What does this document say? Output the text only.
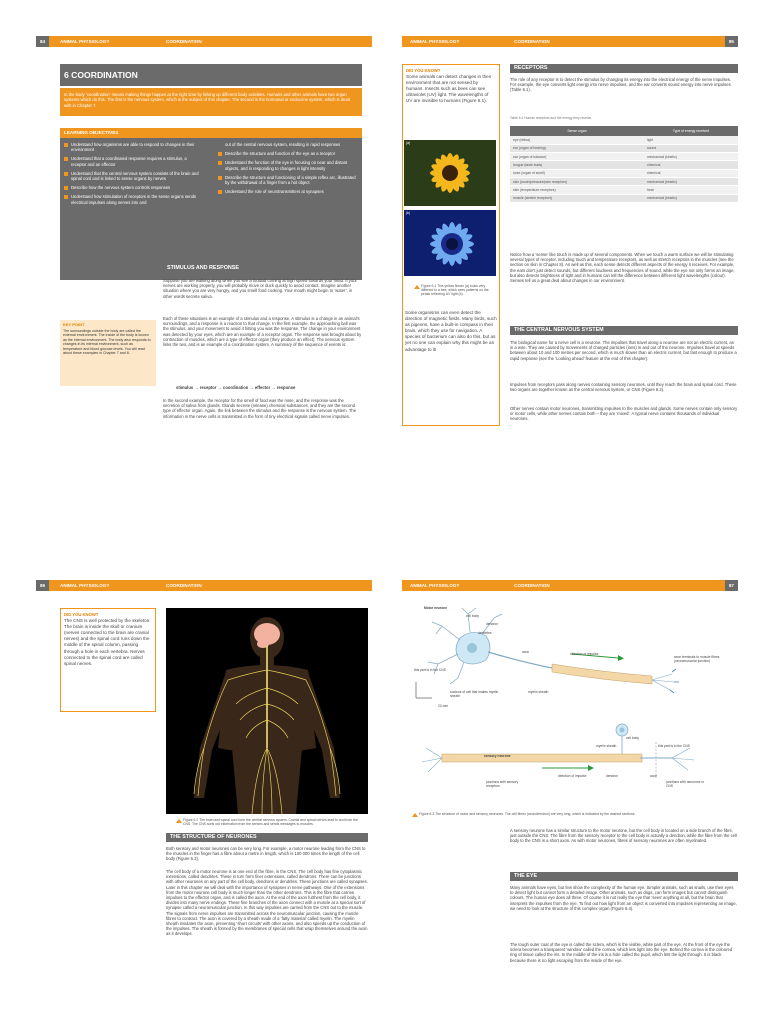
84	ANIMAL PHYSIOLOGY	COORDINATION
6 COORDINATION
In the body ‘coordination’ means making things happen at the right time by linking up different body activities. Humans and other animals have two organ systems which do this. The first is the nervous system, which is the subject of this chapter. The second is the hormonal or endocrine system, which is dealt with in Chapter 7.
LEARNING OBJECTIVES
Understand how organisms are able to respond to changes in their environment
Understand that a coordinated response requires a stimulus, a receptor and an effector
Understand that the central nervous system consists of the brain and spinal cord and is linked to sense organs by nerves
Describe how the nervous system controls responses
Understand how stimulation of receptors in the sense organs sends electrical impulses along nerves into and
out of the central nervous system, resulting in rapid responses
Describe the structure and function of the eye as a receptor
Understand the function of the eye in focusing on near and distant objects, and in responding to changes in light intensity
Describe the structure and functioning of a simple reflex arc, illustrated by the withdrawal of a finger from a hot object
Understand the role of neurotransmitters at synapses
STIMULUS AND RESPONSE
Suppose you are walking along when you see a football coming at high speed towards your head. If your nerves are working properly, you will probably move or duck quickly to avoid contact. Imagine another situation where you are very hungry, and you smell food cooking. Your mouth might begin to ‘water’, in other words secrete saliva.
KEY POINT
The surroundings outside the body are called the external environment. The inside of the body is known as the internal environment. The body also responds to changes in its internal environment, such as temperature and blood glucose levels. You will read about these examples in Chapter 7 and 8.
Each of these situations is an example of a stimulus and a response. A stimulus is a change in an animal’s surroundings, and a response is a reaction to that change. In the first example, the approaching ball was the stimulus, and your movement to avoid it hitting you was the response. The change in your environment was detected by your eyes, which are an example of a receptor organ. The response was brought about by contraction of muscles, which are a type of effector organ (they produce an effect). The nervous system links the two, and is an example of a coordination system. A summary of the sequence of events is:
stimulus → receptor → coordination → effector → response
In the second example, the receptor for the smell of food was the nose, and the response was the secretion of saliva from glands. Glands secrete (release) chemical substances, and they are the second type of effector organ. Again, the link between the stimulus and the response is the nervous system. The information in the nerve cells is transmitted in the form of tiny electrical signals called nerve impulses.
ANIMAL PHYSIOLOGY	COORDINATION	85
DID YOU KNOW?
Some animals can detect changes in their environment that are not sensed by humans. Insects such as bees can see ultraviolet (UV) light. The wavelengths of UV are invisible to humans (Figure 6.1).
(a)
(b)
Figure 6.1 This yellow flower (a) looks very different to a bee, which sees patterns on the petals reflecting UV light (b).
Some organisms can even detect the direction of magnetic fields. Many birds, such as pigeons, have a built-in compass in their brain, which they use for navigation. A species of bacterium can also do this, but as yet no one can explain why this might be an advantage to it!
RECEPTORS
The role of any receptor is to detect the stimulus by changing its energy into the electrical energy of the nerve impulses. For example, the eye converts light energy into nerve impulses, and the ear converts sound energy into nerve impulses (Table 6.1).
Table 6.1 Human receptors and the energy they receive.
Sense organ	Type of energy received
eye (retina)	light
ear (organ of hearing)	sound
ear (organ of balance)	mechanical (kinetic)
tongue (taste buds)	chemical
nose (organ of smell)	chemical
skin (touch/pressure/pain receptors)	mechanical (kinetic)
skin (temperature receptors)	heat
muscle (stretch receptors)	mechanical (kinetic)
Notice how a ‘sense’ like touch is made up of several components. When we touch a warm surface we will be stimulating several types of receptor, including touch and temperature receptors, as well as stretch receptors in the muscles (see the section on skin in Chapter 8). As well as this, each sense detects different aspects of the energy it receives. For example, the ears don’t just detect sounds, but different loudness and frequencies of sound, while the eye not only forms an image, but also detects brightness of light and in humans can tell the difference between different light wavelengths (colour). Senses tell us a great deal about changes in our environment.
THE CENTRAL NERVOUS SYSTEM
The biological name for a nerve cell is a neurone. The impulses that travel along a neurone are not an electric current, as in a wire. They are caused by movements of charged particles (ions) in and out of the neurone. Impulses travel at speeds between about 10 and 100 metres per second, which is much slower than an electric current, but fast enough to produce a rapid response (see the ‘Looking ahead’ feature at the end of this chapter).
Impulses from receptors pass along nerves containing sensory neurones, until they reach the brain and spinal cord. These two organs are together known as the central nervous system, or CNS (Figure 6.2).
Other nerves contain motor neurones, transmitting impulses to the muscles and glands. Some nerves contain only sensory or motor cells, while other nerves contain both – they are ‘mixed’. A typical nerve contains thousands of individual neurones.
86	ANIMAL PHYSIOLOGY	COORDINATION
DID YOU KNOW?
The CNS is well protected by the skeleton. The brain is inside the skull or cranium (nerves connected to the brain are cranial nerves) and the spinal cord runs down the middle of the spinal column, passing through a hole in each vertebra. Nerves connected to the spinal cord are called spinal nerves.
Figure 6.2 The brain and spinal cord form the central nervous system. Cranial and spinal nerves lead to and from the CNS. The CNS sorts out information from the senses and sends messages to muscles.
THE STRUCTURE OF NEURONES
Both sensory and motor neurones can be very long. For example, a motor neurone leading from the CNS to the muscles in the finger has a fibre about a metre in length, which is 100 000 times the length of the cell body (Figure 6.3).
The cell body of a motor neurone is at one end of the fibre, in the CNS. The cell body has fine cytoplasmic extensions, called dendrites. These in turn form finer extensions, called dendrons. There can be junctions with other neurones on any part of the cell body, dendrons or dendrites. These junctions are called synapses. Later in this chapter we will deal with the importance of synapses in nerve pathways. One of the extensions from the motor neurone cell body is much longer than the other dendrons. This is the fibre that carries impulses to the effector organ, and is called the axon. At the end of the axon furthest from the cell body, it divides into many nerve endings. These fine branches of the axon connect with a muscle at a special sort of synapse called a neuromuscular junction. In this way impulses are carried from the CNS out to the muscle. The signals from nerve impulses are transmitted across the neuromuscular junction, causing the muscle fibres to contract. The axon is covered by a sheath made of a ‘fatty material’ called myelin. The myelin sheath insulates the axon, preventing ‘short circuits’ with other axons, and also speeds up the conduction of the impulses. The sheath is formed by the membranes of special cells that wrap themselves around the axon as it develops.
ANIMAL PHYSIOLOGY	COORDINATION	87
Motor neurone
cell body
dendron
dendrites
axon	direction of impulse
axon terminals to muscle fibres (neuromuscular junction)
this part is in the CNS
nucleus of cell that makes myelin sheath
myelin sheath
20 mm
sensory neurone
cell body
myelin sheath	this part is in the CNS
junctions with sensory receptors
direction of impulse	dendron	axon
junctions with neurones in CNS
Figure 6.3 The structure of motor and sensory neurones. The cell fibres (axon/dendron) are very long, which is indicated by the dashed sections.
A sensory neurone has a similar structure to the motor neurone, but the cell body is located on a side branch of the fibre, just outside the CNS. The fibre from the sensory receptor to the cell body is actually a dendron, while the fibre from the cell body to the CNS is a short axon. As with motor neurones, fibres of sensory neurones are often myelinated.
THE EYE
Many animals have eyes, but few show the complexity of the human eye. Simpler animals, such as snails, use their eyes to detect light but cannot form a detailed image. Other animals, such as dogs, can form images but cannot distinguish colours. The human eye does all three. Of course it is not really the eye that ‘sees’ anything at all, but the brain that interprets the impulses from the eye. To find out how light from an object is converted into impulses representing an image, we need to look at the structure of this complex organ (Figure 6.4).
The tough outer coat of the eye is called the sclera, which is the visible, white part of the eye. At the front of the eye the sclera becomes a transparent ‘window’ called the cornea, which lets light into the eye. Behind the cornea is the coloured ring of tissue called the iris. In the middle of the iris is a hole called the pupil, which lets the light through. It is black because there is no light escaping from the inside of the eye.
